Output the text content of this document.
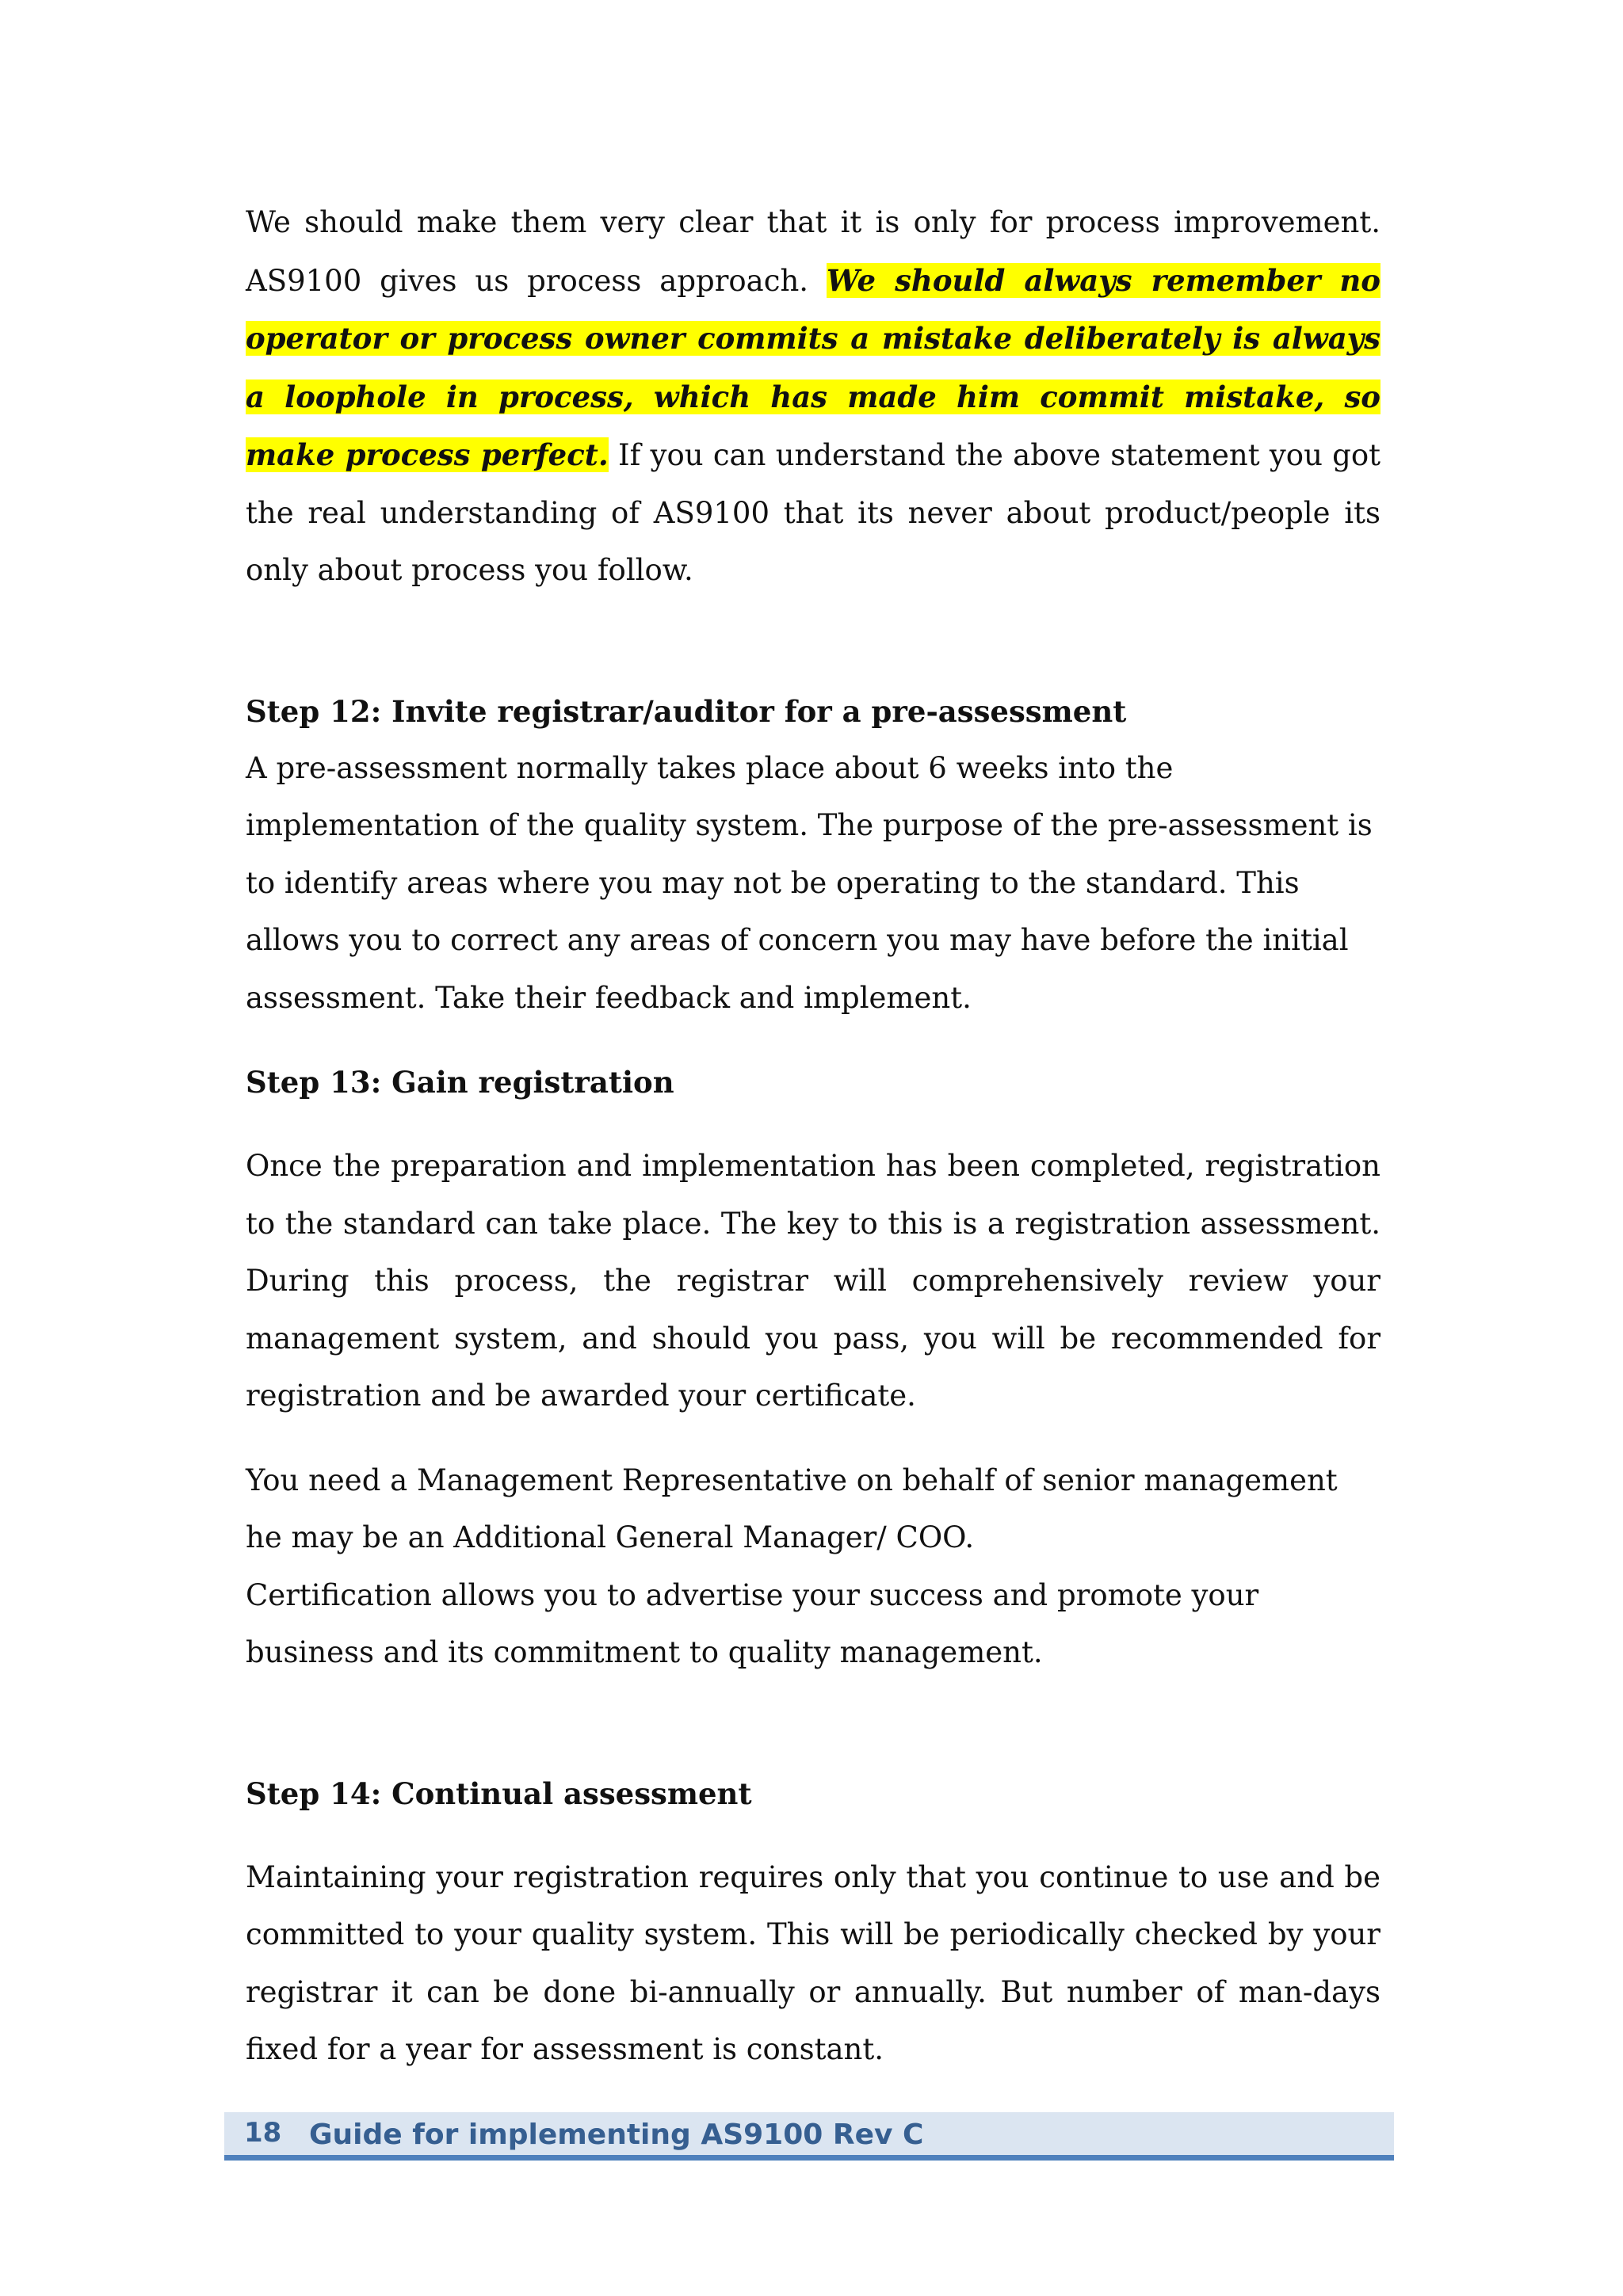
We should make them very clear that it is only for process improvement. AS9100 gives us process approach. We should always remember no operator or process owner commits a mistake deliberately is always a loophole in process, which has made him commit mistake, so make process perfect. If you can understand the above statement you got the real understanding of AS9100 that its never about product/people its only about process you follow.

Step 12: Invite registrar/auditor for a pre-assessment

A pre-assessment normally takes place about 6 weeks into the implementation of the quality system. The purpose of the pre-assessment is to identify areas where you may not be operating to the standard. This allows you to correct any areas of concern you may have before the initial assessment. Take their feedback and implement.

Step 13: Gain registration

Once the preparation and implementation has been completed, registration to the standard can take place. The key to this is a registration assessment. During this process, the registrar will comprehensively review your management system, and should you pass, you will be recommended for registration and be awarded your certificate.

You need a Management Representative on behalf of senior management he may be an Additional General Manager/ COO.

Certification allows you to advertise your success and promote your business and its commitment to quality management.

Step 14: Continual assessment

Maintaining your registration requires only that you continue to use and be committed to your quality system. This will be periodically checked by your registrar it can be done bi-annually or annually. But number of man-days fixed for a year for assessment is constant.

18 Guide for implementing AS9100 Rev C
